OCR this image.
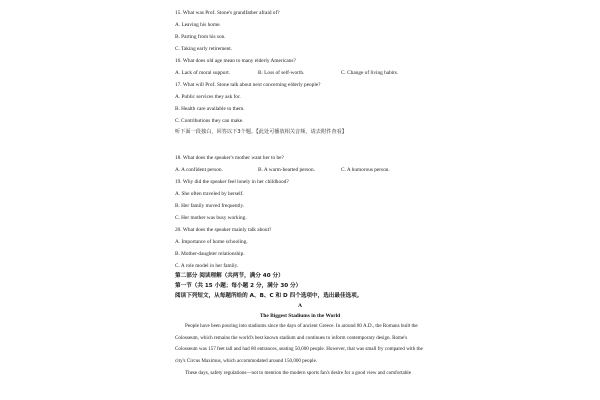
15. What was Prof. Stone's grandfather afraid of?
A. Leaving his home.
B. Parting from his son.
C. Taking early retirement.
16. What does old age mean to many elderly Americans?
A. Lack of moral support.	B. Loss of self-worth.	C. Change of living habits.
17. What will Prof. Stone talk about next concerning elderly people?
A. Public services they ask for.
B. Health care available to them.
C. Contributions they can make.
听下面一段独白，回答以下3个题。【此处可播放相关音频，请去附件查看】
18. What does the speaker's mother want her to be?
A. A confident person.	B. A warm-hearted person.	C. A humorous person.
19. Why did the speaker feel lonely in her childhood?
A. She often traveled by herself.
B. Her family moved frequently.
C. Her mother was busy working.
20. What does the speaker mainly talk about?
A. Importance of home schooling.
B. Mother-daughter relationship.
C. A role model in her family.
第二部分 阅读理解（共两节，满分 40 分）
第一节（共 15 小题；每小题 2 分，满分 30 分）
阅读下列短文，从每题所给的 A、B、C 和 D 四个选项中，选出最佳选项。
A
The Biggest Stadiums in the World
People have been pouring into stadiums since the days of ancient Greece. In around 80 A.D., the Romans built the Colosseum, which remains the world's best known stadium and continues to inform contemporary design. Rome's Colosseum was 157 feet tall and had 80 entrances, seating 50,000 people. However, that was small fry compared with the city's Circus Maximus, which accommodated around 150,000 people.
These days, safety regulations—not to mention the modern sports fan's desire for a good view and comfortable
